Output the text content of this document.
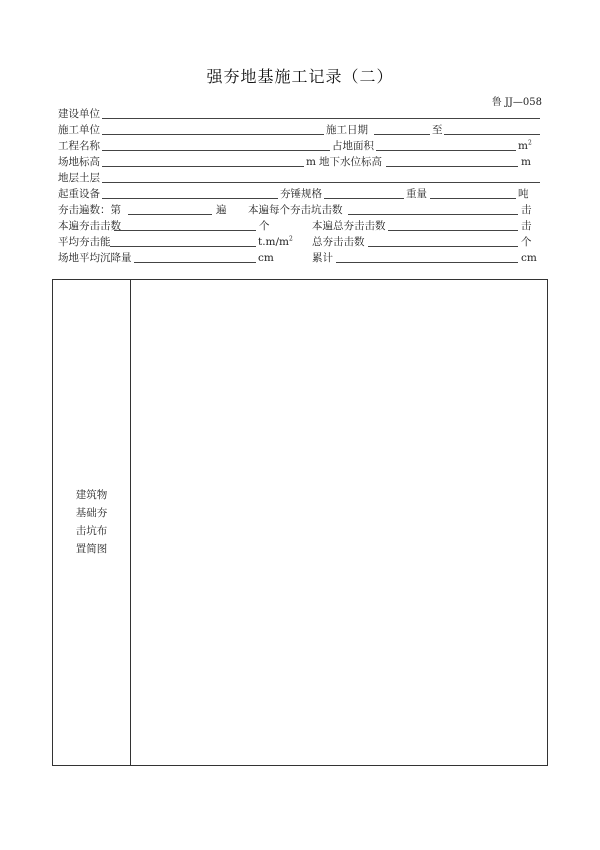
强夯地基施工记录（二）
鲁 JJ—058
建设单位
施工单位	施工日期	至
工程名称	占地面积	$m^2$
场地标高	m 地下水位标高	m
地层土层
起重设备	夯锤规格	重量	吨
夯击遍数：第	遍 本遍每个夯击坑击数	击
本遍夯击击数	个	本遍总夯击击数	击
平均夯击能	$t.m/m^2$ 总夯击击数	个
场地平均沉降量	cm	累计	cm
建筑物
基础夯
击坑布
置简图
